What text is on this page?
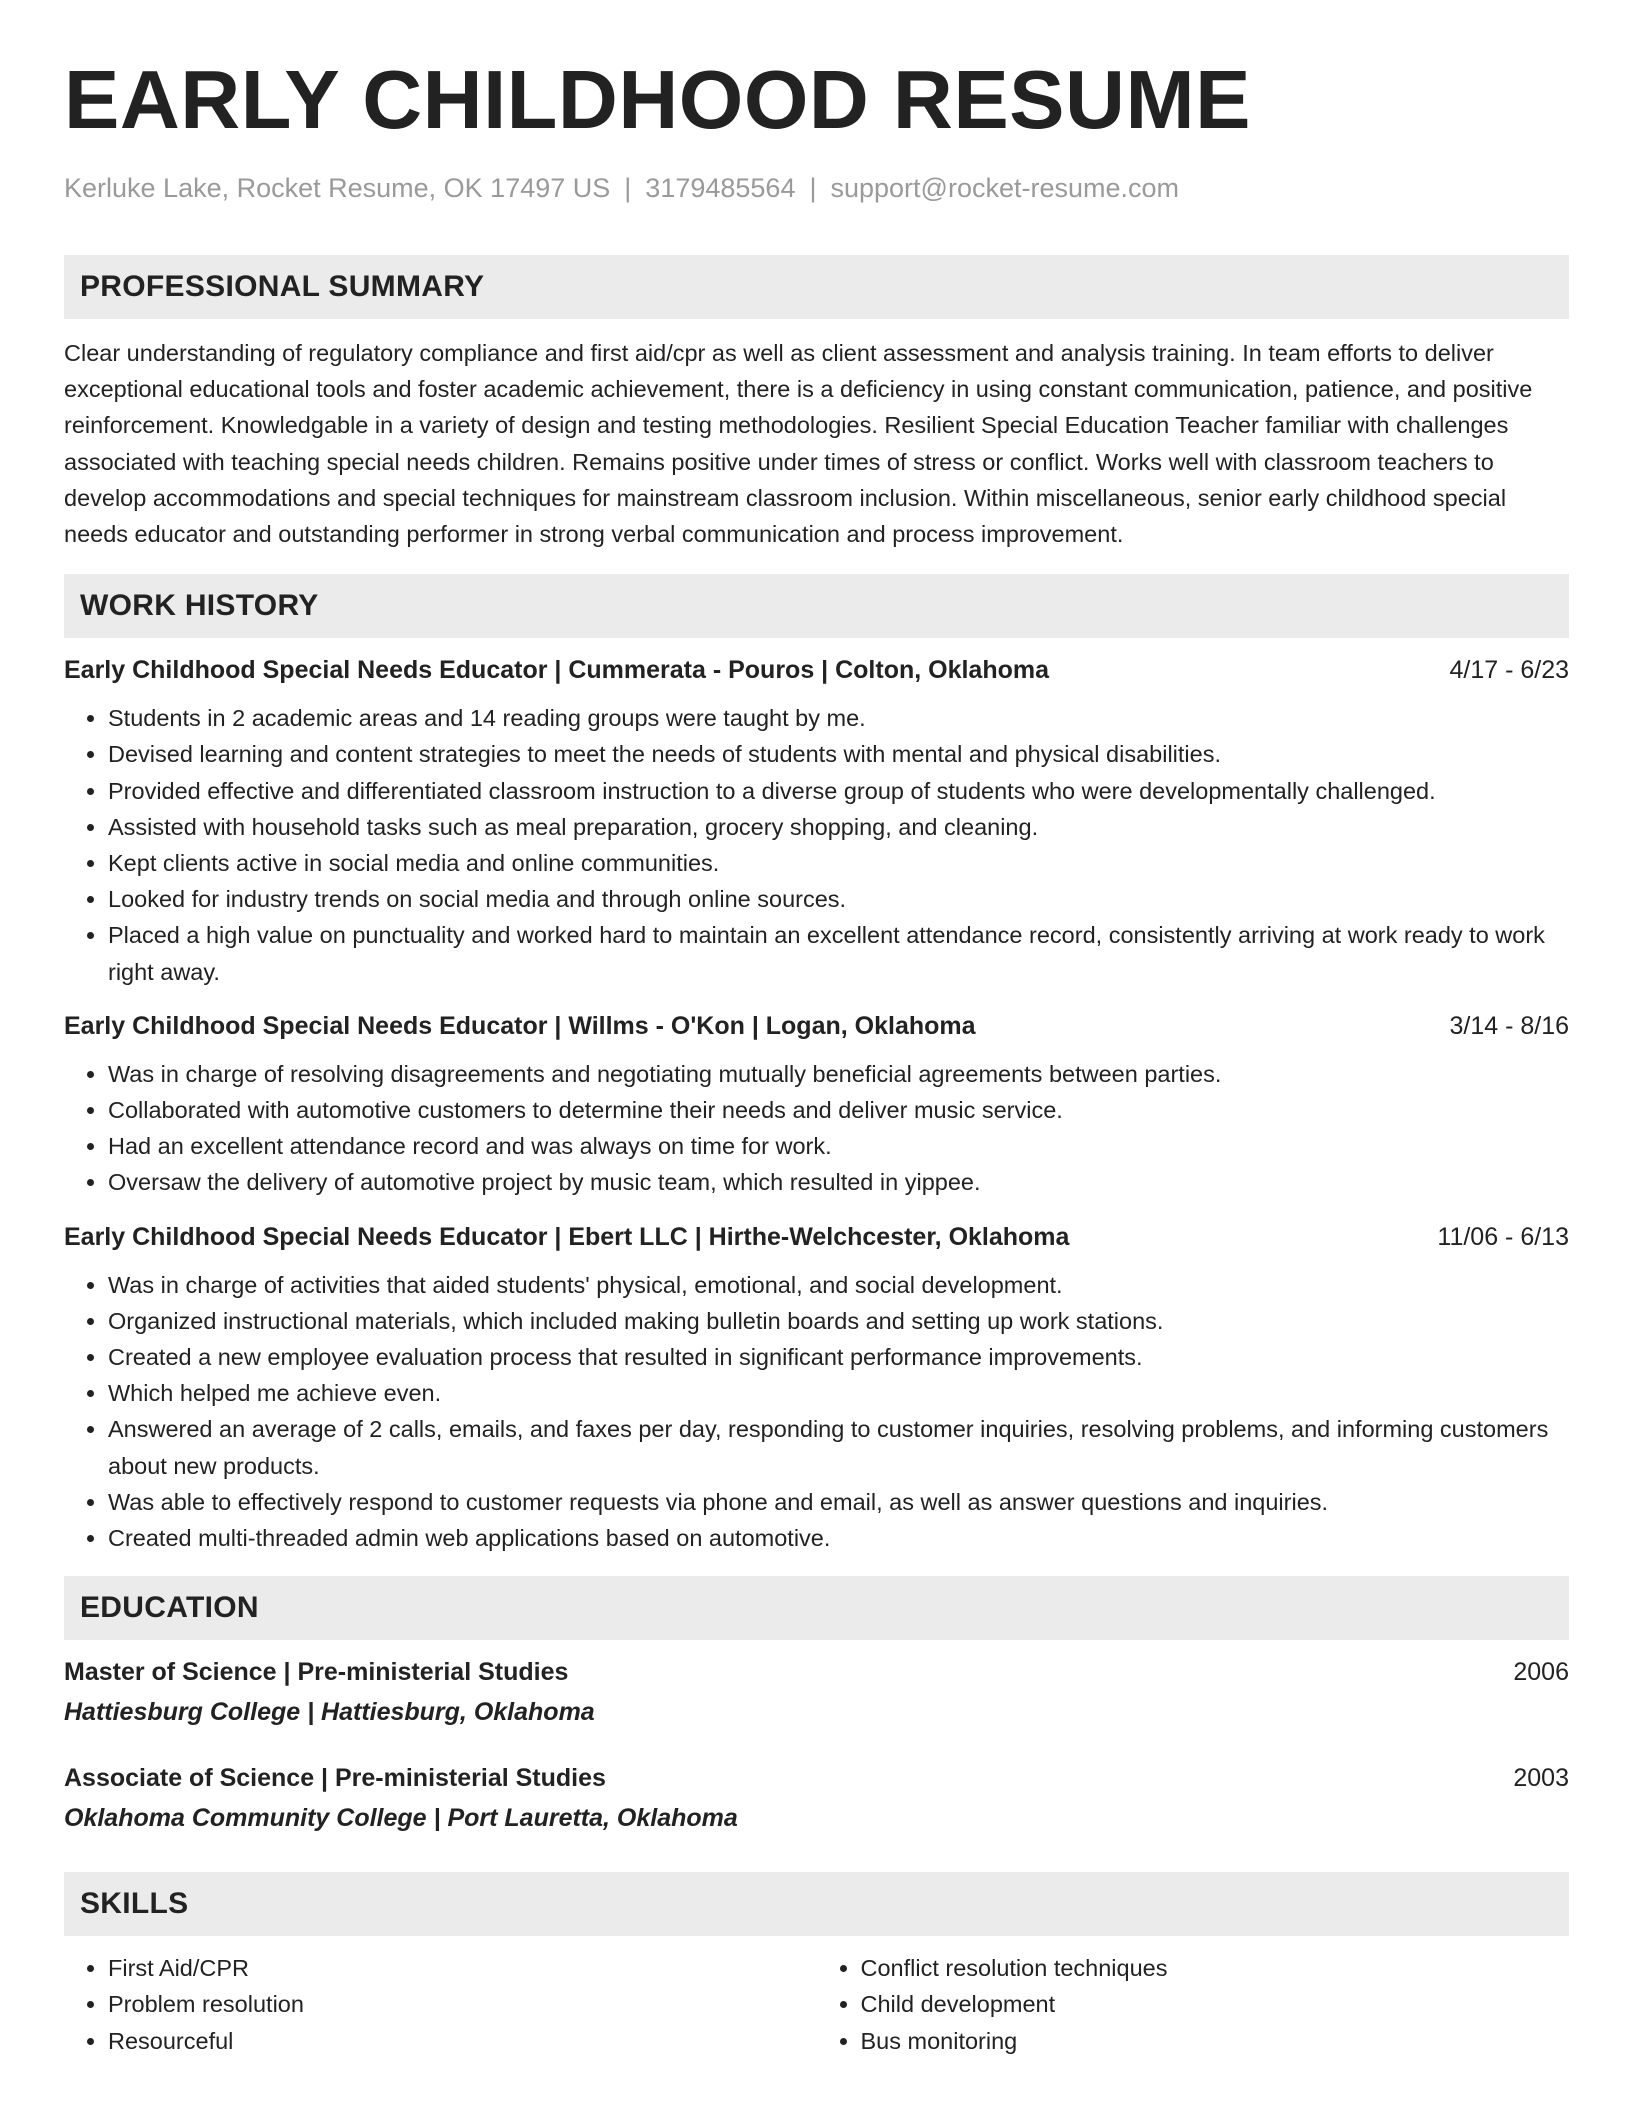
EARLY CHILDHOOD RESUME
Kerluke Lake, Rocket Resume, OK 17497 US | 3179485564 | support@rocket-resume.com
PROFESSIONAL SUMMARY

Clear understanding of regulatory compliance and first aid/cpr as well as client assessment and analysis training. In team efforts to deliver exceptional educational tools and foster academic achievement, there is a deficiency in using constant communication, patience, and positive reinforcement. Knowledgable in a variety of design and testing methodologies. Resilient Special Education Teacher familiar with challenges associated with teaching special needs children. Remains positive under times of stress or conflict. Works well with classroom teachers to develop accommodations and special techniques for mainstream classroom inclusion. Within miscellaneous, senior early childhood special needs educator and outstanding performer in strong verbal communication and process improvement.

WORK HISTORY
Early Childhood Special Needs Educator | Cummerata - Pouros | Colton, Oklahoma	4/17 - 6/23
• Students in 2 academic areas and 14 reading groups were taught by me.
• Devised learning and content strategies to meet the needs of students with mental and physical disabilities.
• Provided effective and differentiated classroom instruction to a diverse group of students who were developmentally challenged.
• Assisted with household tasks such as meal preparation, grocery shopping, and cleaning.
• Kept clients active in social media and online communities.
• Looked for industry trends on social media and through online sources.
• Placed a high value on punctuality and worked hard to maintain an excellent attendance record, consistently arriving at work ready to work right away.
Early Childhood Special Needs Educator | Willms - O'Kon | Logan, Oklahoma	3/14 - 8/16
• Was in charge of resolving disagreements and negotiating mutually beneficial agreements between parties.
• Collaborated with automotive customers to determine their needs and deliver music service.
• Had an excellent attendance record and was always on time for work.
• Oversaw the delivery of automotive project by music team, which resulted in yippee.
Early Childhood Special Needs Educator | Ebert LLC | Hirthe-Welchcester, Oklahoma	11/06 - 6/13
• Was in charge of activities that aided students' physical, emotional, and social development.
• Organized instructional materials, which included making bulletin boards and setting up work stations.
• Created a new employee evaluation process that resulted in significant performance improvements.
• Which helped me achieve even.
• Answered an average of 2 calls, emails, and faxes per day, responding to customer inquiries, resolving problems, and informing customers about new products.
• Was able to effectively respond to customer requests via phone and email, as well as answer questions and inquiries.
• Created multi-threaded admin web applications based on automotive.
EDUCATION
Master of Science | Pre-ministerial Studies	2006
Hattiesburg College | Hattiesburg, Oklahoma
Associate of Science | Pre-ministerial Studies	2003
Oklahoma Community College | Port Lauretta, Oklahoma
SKILLS
• First Aid/CPR
• Problem resolution
• Resourceful
• Conflict resolution techniques
• Child development
• Bus monitoring
